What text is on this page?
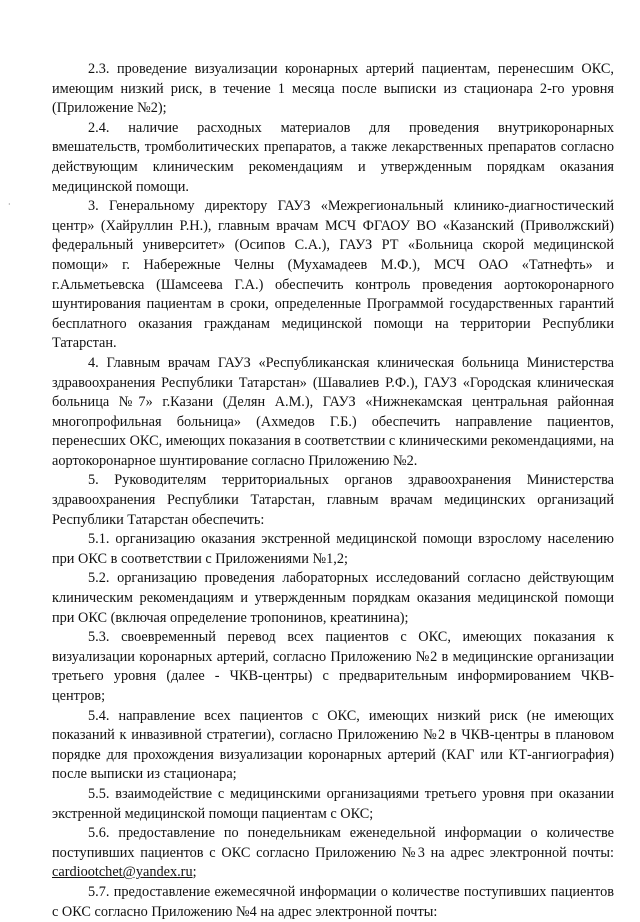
·

2.3. проведение визуализации коронарных артерий пациентам, перенесшим ОКС, имеющим низкий риск, в течение 1 месяца после выписки из стационара 2-го уровня (Приложение №2);

2.4. наличие расходных материалов для проведения внутрикоронарных вмешательств, тромболитических препаратов, а также лекарственных препаратов согласно действующим клиническим рекомендациям и утвержденным порядкам оказания медицинской помощи.

3. Генеральному директору ГАУЗ «Межрегиональный клинико-диагностический центр» (Хайруллин Р.Н.), главным врачам МСЧ ФГАОУ ВО «Казанский (Приволжский) федеральный университет» (Осипов С.А.), ГАУЗ РТ «Больница скорой медицинской помощи» г. Набережные Челны (Мухамадеев М.Ф.), МСЧ ОАО «Татнефть» и г.Альметьевска (Шамсеева Г.А.) обеспечить контроль проведения аортокоронарного шунтирования пациентам в сроки, определенные Программой государственных гарантий бесплатного оказания гражданам медицинской помощи на территории Республики Татарстан.

4. Главным врачам ГАУЗ «Республиканская клиническая больница Министерства здравоохранения Республики Татарстан» (Шавалиев Р.Ф.), ГАУЗ «Городская клиническая больница №7» г.Казани (Делян А.М.), ГАУЗ «Нижнекамская центральная районная многопрофильная больница» (Ахмедов Г.Б.) обеспечить направление пациентов, перенесших ОКС, имеющих показания в соответствии с клиническими рекомендациями, на аортокоронарное шунтирование согласно Приложению №2.

5. Руководителям территориальных органов здравоохранения Министерства здравоохранения Республики Татарстан, главным врачам медицинских организаций Республики Татарстан обеспечить:

5.1. организацию оказания экстренной медицинской помощи взрослому населению при ОКС в соответствии с Приложениями №1,2;

5.2. организацию проведения лабораторных исследований согласно действующим клиническим рекомендациям и утвержденным порядкам оказания медицинской помощи при ОКС (включая определение тропонинов, креатинина);

5.3. своевременный перевод всех пациентов с ОКС, имеющих показания к визуализации коронарных артерий, согласно Приложению №2 в медицинские организации третьего уровня (далее - ЧКВ-центры) с предварительным информированием ЧКВ-центров;

5.4. направление всех пациентов с ОКС, имеющих низкий риск (не имеющих показаний к инвазивной стратегии), согласно Приложению №2 в ЧКВ-центры в плановом порядке для прохождения визуализации коронарных артерий (КАГ или КТ-ангиография) после выписки из стационара;

5.5. взаимодействие с медицинскими организациями третьего уровня при оказании экстренной медицинской помощи пациентам с ОКС;

5.6. предоставление по понедельникам еженедельной информации о количестве поступивших пациентов с ОКС согласно Приложению №3 на адрес электронной почты: cardiootchet@yandex.ru;

5.7. предоставление ежемесячной информации о количестве поступивших пациентов с ОКС согласно Приложению №4 на адрес электронной почты:
